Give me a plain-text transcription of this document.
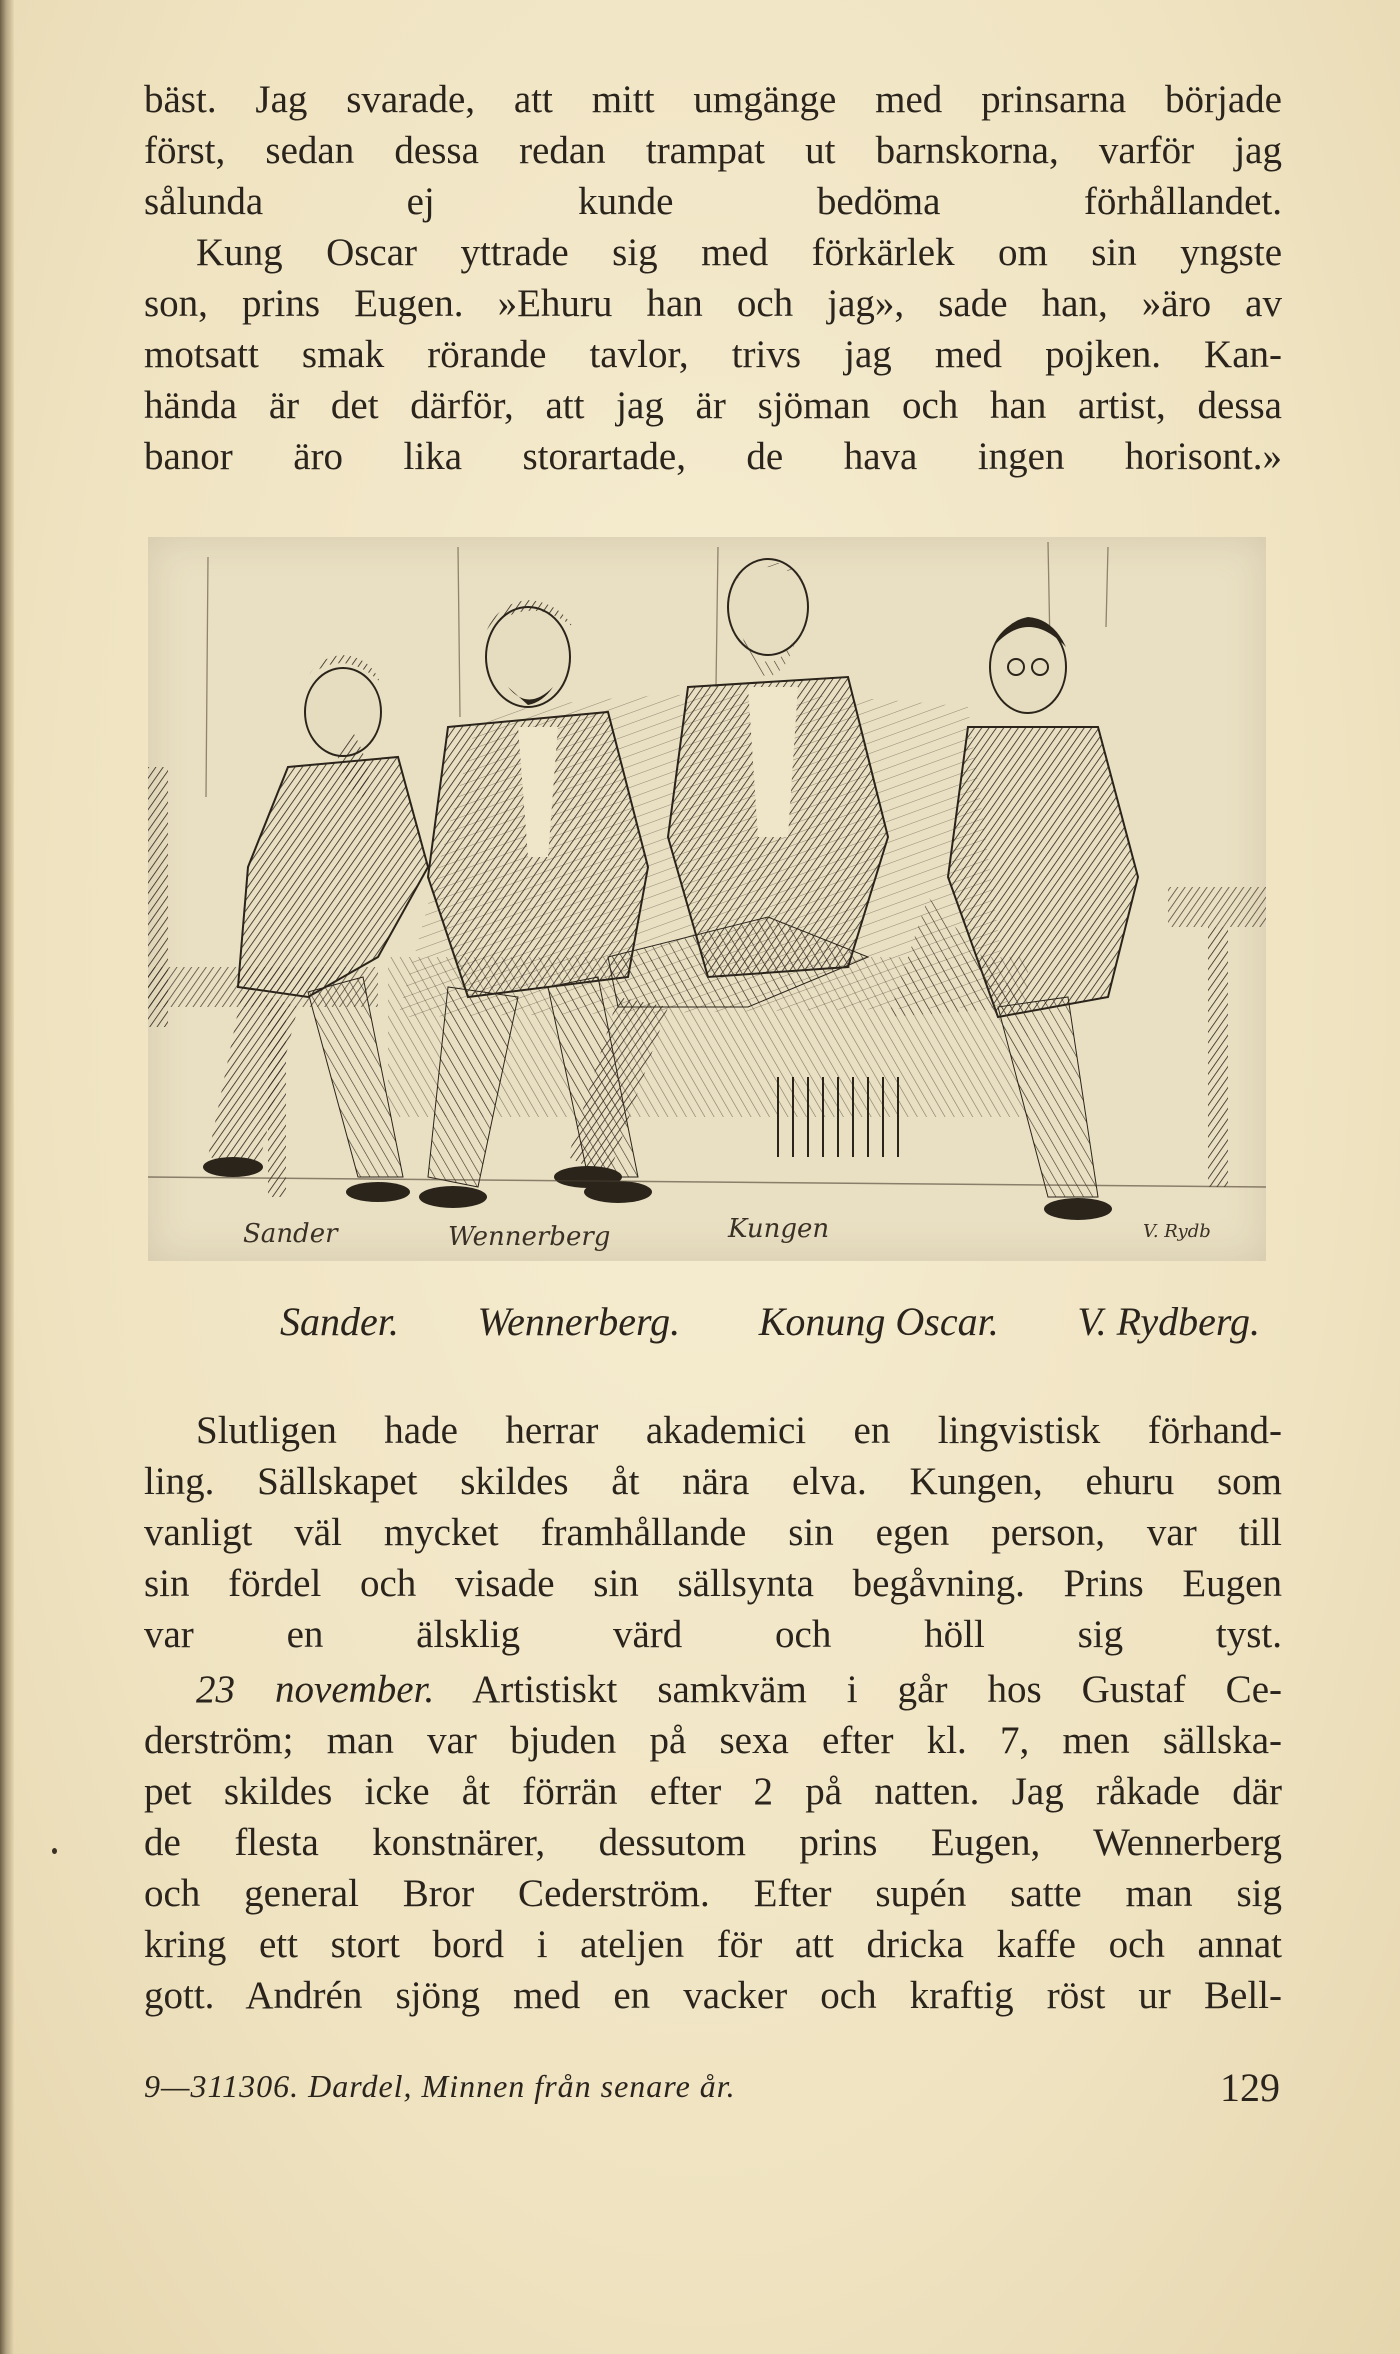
bäst. Jag svarade, att mitt umgänge med prinsarna började
först, sedan dessa redan trampat ut barnskorna, varför jag
sålunda ej kunde bedöma förhållandet.
Kung Oscar yttrade sig med förkärlek om sin yngste
son, prins Eugen. »Ehuru han och jag», sade han, »äro av
motsatt smak rörande tavlor, trivs jag med pojken. Kan-
hända är det därför, att jag är sjöman och han artist, dessa
banor äro lika storartade, de hava ingen horisont.»
Sander	Wennerberg	Kungen	V. Rydb
Sander. Wennerberg. Konung Oscar. V. Rydberg.
Slutligen hade herrar akademici en lingvistisk förhand-
ling. Sällskapet skildes åt nära elva. Kungen, ehuru som
vanligt väl mycket framhållande sin egen person, var till
sin fördel och visade sin sällsynta begåvning. Prins Eugen
var en älsklig värd och höll sig tyst.
23 november. Artistiskt samkväm i går hos Gustaf Ce-
derström; man var bjuden på sexa efter kl. 7, men sällska-
pet skildes icke åt förrän efter 2 på natten. Jag råkade där
de flesta konstnärer, dessutom prins Eugen, Wennerberg
och general Bror Cederström. Efter supén satte man sig
kring ett stort bord i ateljen för att dricka kaffe och annat
gott. Andrén sjöng med en vacker och kraftig röst ur Bell-
9—311306. Dardel, Minnen från senare år.	129
